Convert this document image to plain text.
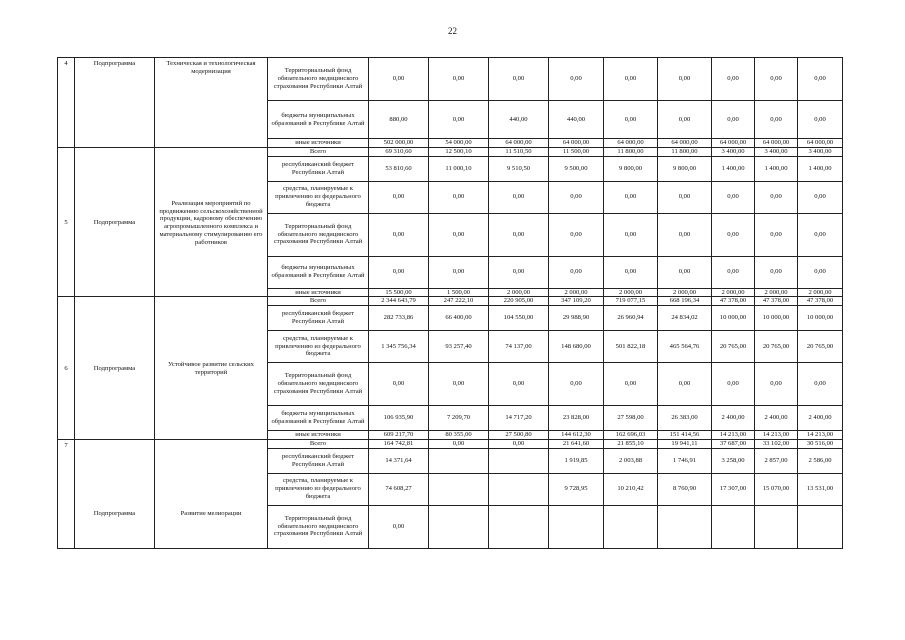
22
4	Подпрограмма	Техническая и технологическая модернизация	Территориальный фонд обязательного медицинского страхования Республики Алтай	0,00	0,00	0,00	0,00	0,00	0,00	0,00	0,00	0,00
			бюджеты муниципальных образований в Республике Алтай	880,00	0,00	440,00	440,00	0,00	0,00	0,00	0,00	0,00
			иные источники	502 000,00	54 000,00	64 000,00	64 000,00	64 000,00	64 000,00	64 000,00	64 000,00	64 000,00
5	Подпрограмма	Реализация мероприятий по продвижению сельскохозяйственной продукции, кадровому обеспечению агропромышленного комплекса и материальному стимулированию его работников	Всего	69 310,60	12 500,10	11 510,50	11 500,00	11 800,00	11 800,00	3 400,00	3 400,00	3 400,00
			республиканский бюджет Республики Алтай	53 810,60	11 000,10	9 510,50	9 500,00	9 800,00	9 800,00	1 400,00	1 400,00	1 400,00
			средства, планируемые к привлечению из федерального бюджета	0,00	0,00	0,00	0,00	0,00	0,00	0,00	0,00	0,00
			Территориальный фонд обязательного медицинского страхования Республики Алтай	0,00	0,00	0,00	0,00	0,00	0,00	0,00	0,00	0,00
			бюджеты муниципальных образований в Республике Алтай	0,00	0,00	0,00	0,00	0,00	0,00	0,00	0,00	0,00
			иные источники	15 500,00	1 500,00	2 000,00	2 000,00	2 000,00	2 000,00	2 000,00	2 000,00	2 000,00
6	Подпрограмма	Устойчивое развитие сельских территорий	Всего	2 344 643,79	247 222,10	220 905,00	347 109,20	719 077,15	668 196,34	47 378,00	47 378,00	47 378,00
			республиканский бюджет Республики Алтай	282 733,86	66 400,00	104 550,00	29 988,90	26 960,94	24 834,02	10 000,00	10 000,00	10 000,00
			средства, планируемые к привлечению из федерального бюджета	1 345 756,34	93 257,40	74 137,00	148 680,00	501 822,18	465 564,76	20 765,00	20 765,00	20 765,00
			Территориальный фонд обязательного медицинского страхования Республики Алтай	0,00	0,00	0,00	0,00	0,00	0,00	0,00	0,00	0,00
			бюджеты муниципальных образований в Республике Алтай	106 935,90	7 209,70	14 717,20	23 828,00	27 598,00	26 383,00	2 400,00	2 400,00	2 400,00
			иные источники	609 217,70	80 355,00	27 500,80	144 612,30	162 696,03	151 414,56	14 213,00	14 213,00	14 213,00
7	Подпрограмма	Развитие мелиорации	Всего	164 742,81	0,00	0,00	21 641,60	21 855,10	19 941,11	37 687,00	33 102,00	30 516,00
			республиканский бюджет Республики Алтай	14 371,64			1 919,85	2 003,88	1 746,91	3 258,00	2 857,00	2 586,00
			средства, планируемые к привлечению из федерального бюджета	74 608,27			9 728,95	10 210,42	8 760,90	17 307,00	15 070,00	13 531,00
			Территориальный фонд обязательного медицинского страхования Республики Алтай	0,00								
